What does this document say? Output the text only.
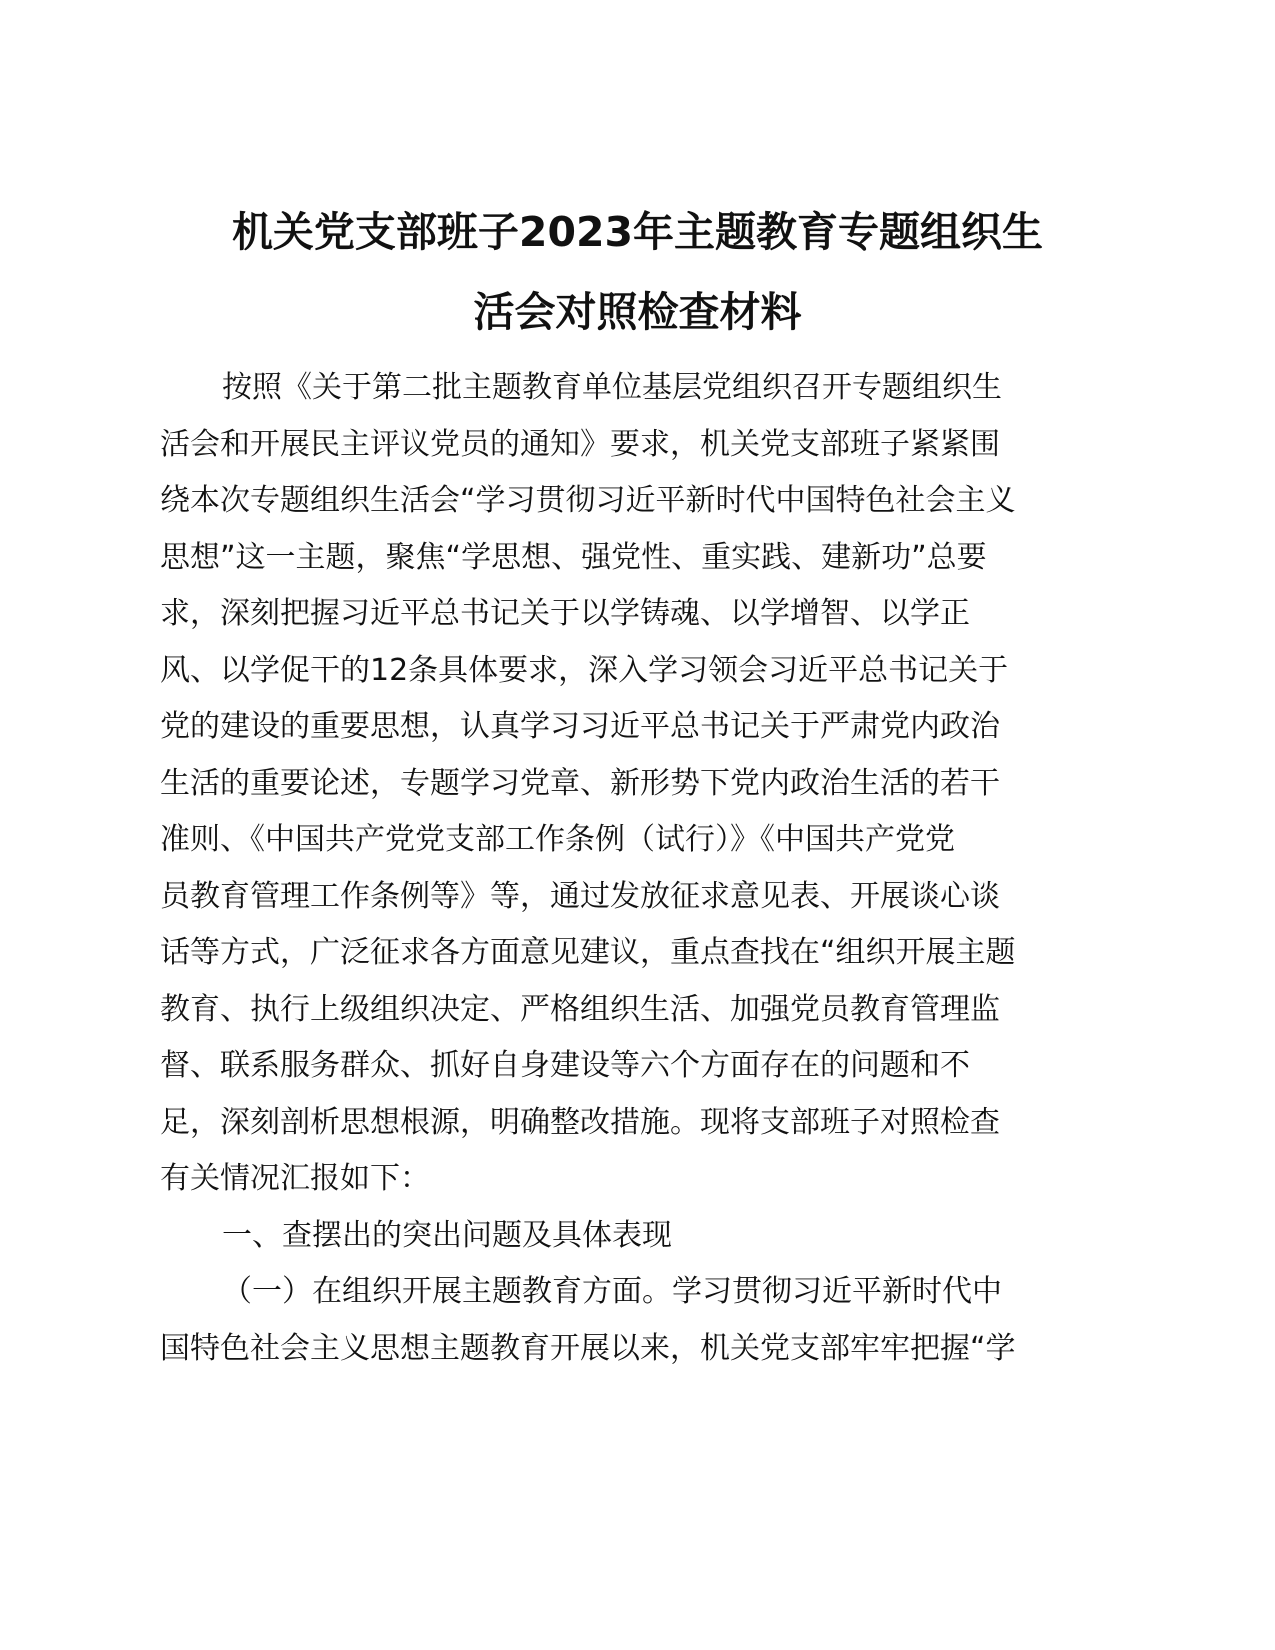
机关党支部班子2023年主题教育专题组织生
活会对照检查材料
按照《关于第二批主题教育单位基层党组织召开专题组织生
活会和开展民主评议党员的通知》要求，机关党支部班子紧紧围
绕本次专题组织生活会“学习贯彻习近平新时代中国特色社会主义
思想”这一主题，聚焦“学思想、强党性、重实践、建新功”总要
求，深刻把握习近平总书记关于以学铸魂、以学增智、以学正
风、以学促干的12条具体要求，深入学习领会习近平总书记关于
党的建设的重要思想，认真学习习近平总书记关于严肃党内政治
生活的重要论述，专题学习党章、新形势下党内政治生活的若干
准则、《中国共产党党支部工作条例（试行）》《中国共产党党
员教育管理工作条例等》等，通过发放征求意见表、开展谈心谈
话等方式，广泛征求各方面意见建议，重点查找在“组织开展主题
教育、执行上级组织决定、严格组织生活、加强党员教育管理监
督、联系服务群众、抓好自身建设等六个方面存在的问题和不
足，深刻剖析思想根源，明确整改措施。现将支部班子对照检查
有关情况汇报如下：
一、查摆出的突出问题及具体表现
（一）在组织开展主题教育方面。学习贯彻习近平新时代中
国特色社会主义思想主题教育开展以来，机关党支部牢牢把握“学
